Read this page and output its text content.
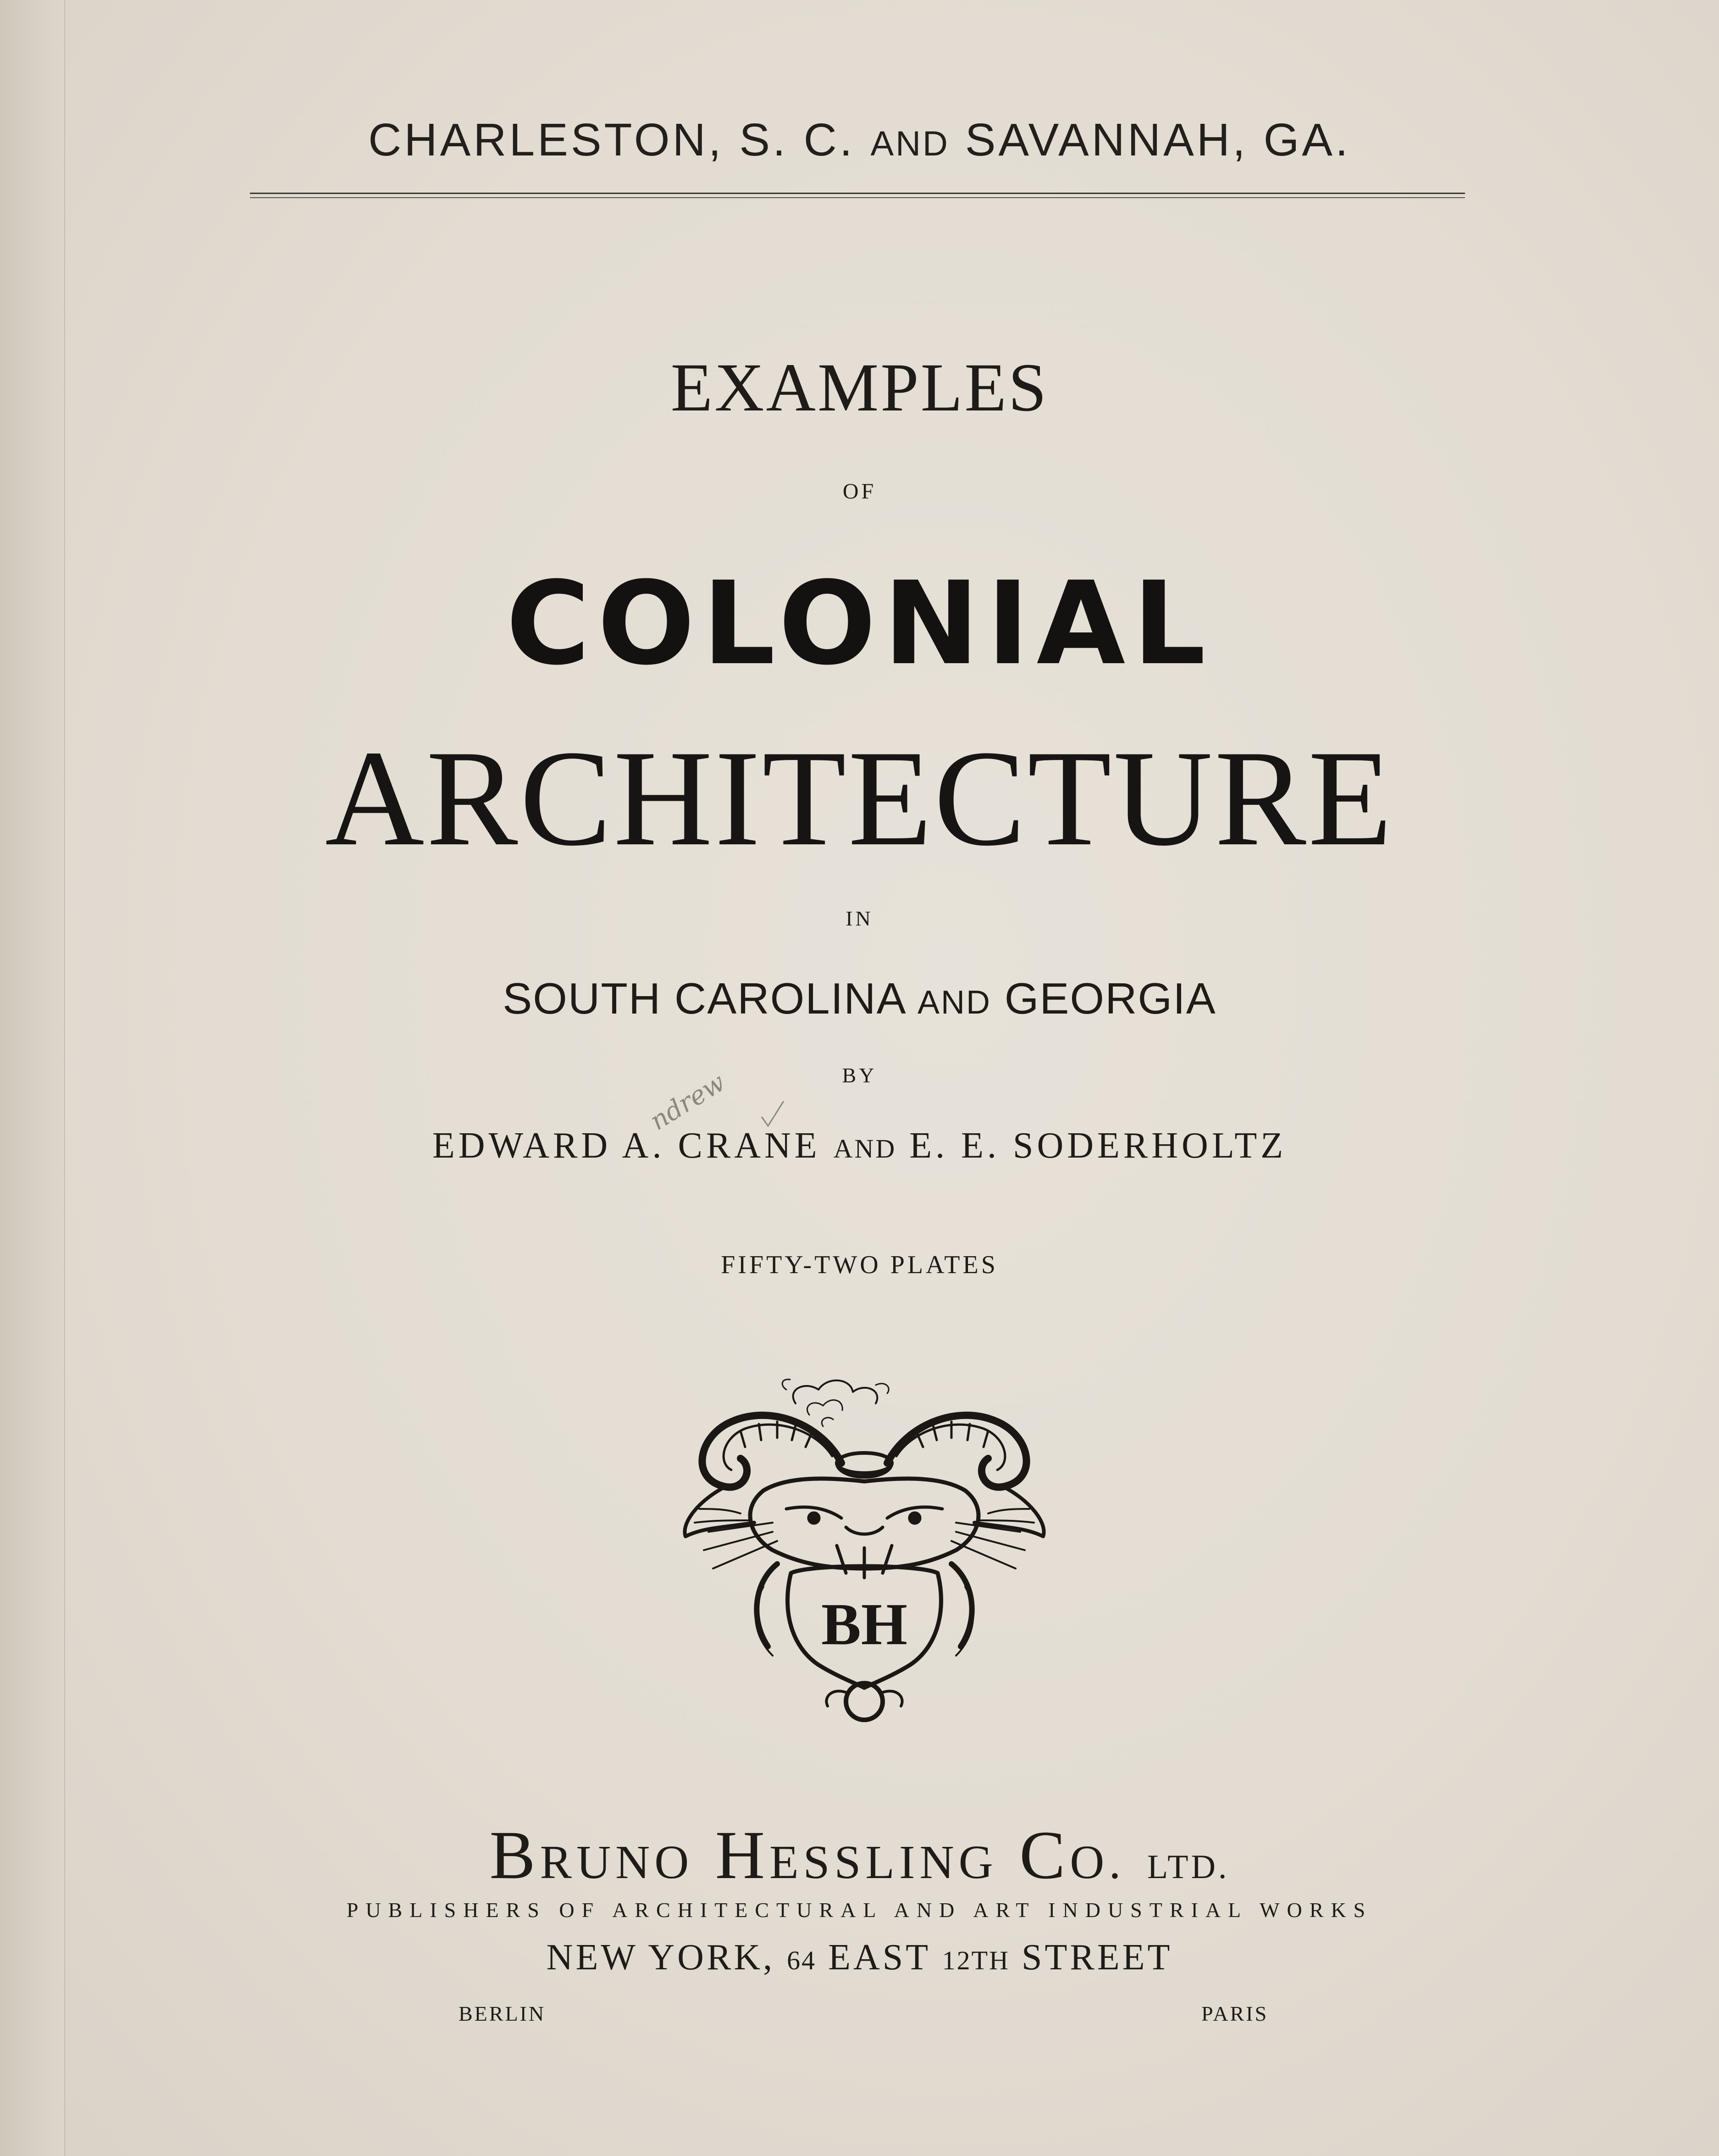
CHARLESTON, S. C. AND SAVANNAH, GA.
EXAMPLES
OF
COLONIAL
ARCHITECTURE
IN
SOUTH CAROLINA AND GEORGIA
BY
EDWARD A. CRANE AND E. E. SODERHOLTZ
ndrew
FIFTY-TWO PLATES
BH
BRUNO HESSLING CO. LTD.
PUBLISHERS OF ARCHITECTURAL AND ART INDUSTRIAL WORKS
NEW YORK, 64 EAST 12TH STREET
BERLIN	PARIS
